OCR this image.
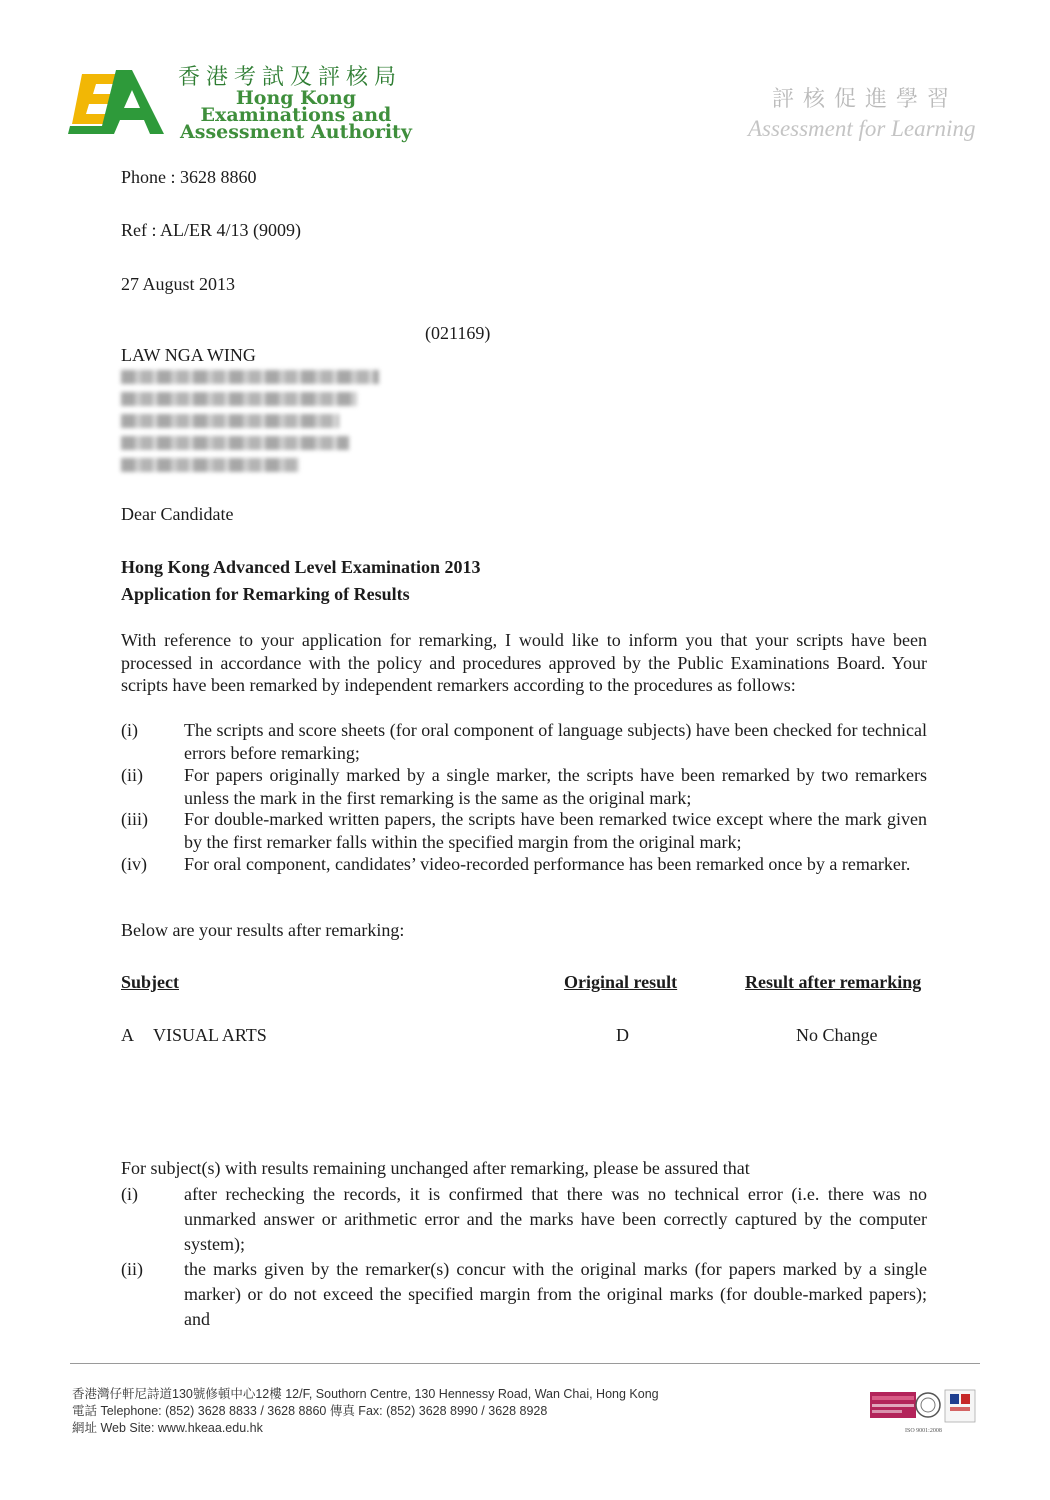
香港考試及評核局
Hong Kong
Examinations and
Assessment Authority
評核促進學習
Assessment for Learning
Phone : 3628 8860
Ref : AL/ER 4/13 (9009)
27 August 2013
(021169)
LAW NGA WING
Dear Candidate
Hong Kong Advanced Level Examination 2013
Application for Remarking of Results
With reference to your application for remarking, I would like to inform you that your scripts have been processed in accordance with the policy and procedures approved by the Public Examinations Board. Your scripts have been remarked by independent remarkers according to the procedures as follows:
(i)	The scripts and score sheets (for oral component of language subjects) have been checked for technical errors before remarking;
(ii) For papers originally marked by a single marker, the scripts have been remarked by two remarkers unless the mark in the first remarking is the same as the original mark;
(iii) For double-marked written papers, the scripts have been remarked twice except where the mark given by the first remarker falls within the specified margin from the original mark;
(iv) For oral component, candidates’ video-recorded performance has been remarked once by a remarker.
Below are your results after remarking:
Subject	Original result	Result after remarking
A VISUAL ARTS	D	No Change
For subject(s) with results remaining unchanged after remarking, please be assured that
(i)	after rechecking the records, it is confirmed that there was no technical error (i.e. there was no unmarked answer or arithmetic error and the marks have been correctly captured by the computer system);
(ii) the marks given by the remarker(s) concur with the original marks (for papers marked by a single marker) or do not exceed the specified margin from the original marks (for double-marked papers); and
香港灣仔軒尼詩道130號修頓中心12樓 12/F, Southorn Centre, 130 Hennessy Road, Wan Chai, Hong Kong
電話 Telephone: (852) 3628 8833 / 3628 8860 傳真 Fax: (852) 3628 8990 / 3628 8928
網址 Web Site: www.hkeaa.edu.hk	ISO 9001:2008
